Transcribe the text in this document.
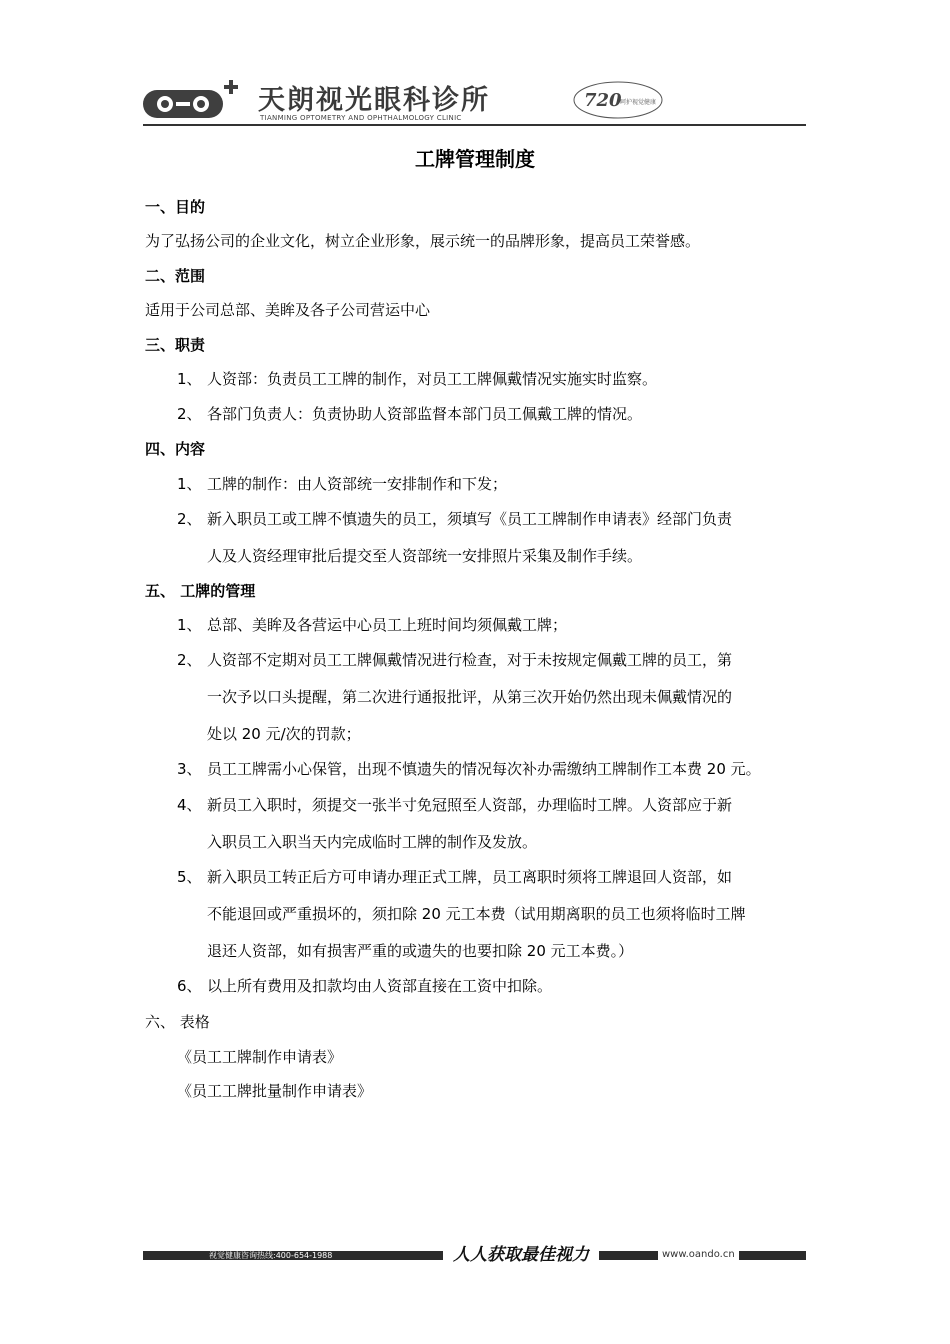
天朗视光眼科诊所
TIANMING OPTOMETRY AND OPHTHALMOLOGY CLINIC
720
呵护视觉健康
工牌管理制度
一、目的
为了弘扬公司的企业文化，树立企业形象，展示统一的品牌形象，提高员工荣誉感。
二、范围
适用于公司总部、美眸及各子公司营运中心
三、职责
1、 人资部：负责员工工牌的制作，对员工工牌佩戴情况实施实时监察。
2、 各部门负责人：负责协助人资部监督本部门员工佩戴工牌的情况。
四、内容
1、 工牌的制作：由人资部统一安排制作和下发；
2、 新入职员工或工牌不慎遗失的员工，须填写《员工工牌制作申请表》经部门负责
人及人资经理审批后提交至人资部统一安排照片采集及制作手续。
五、 工牌的管理
1、 总部、美眸及各营运中心员工上班时间均须佩戴工牌；
2、 人资部不定期对员工工牌佩戴情况进行检查，对于未按规定佩戴工牌的员工，第
一次予以口头提醒，第二次进行通报批评，从第三次开始仍然出现未佩戴情况的
处以 20 元/次的罚款；
3、 员工工牌需小心保管，出现不慎遗失的情况每次补办需缴纳工牌制作工本费 20 元。
4、 新员工入职时，须提交一张半寸免冠照至人资部，办理临时工牌。人资部应于新
入职员工入职当天内完成临时工牌的制作及发放。
5、 新入职员工转正后方可申请办理正式工牌，员工离职时须将工牌退回人资部，如
不能退回或严重损坏的，须扣除 20 元工本费（试用期离职的员工也须将临时工牌
退还人资部，如有损害严重的或遗失的也要扣除 20 元工本费。）
6、 以上所有费用及扣款均由人资部直接在工资中扣除。
六、 表格
《员工工牌制作申请表》
《员工工牌批量制作申请表》
视觉健康咨询热线:400-654-1988	人人获取最佳视力	www.oando.cn
